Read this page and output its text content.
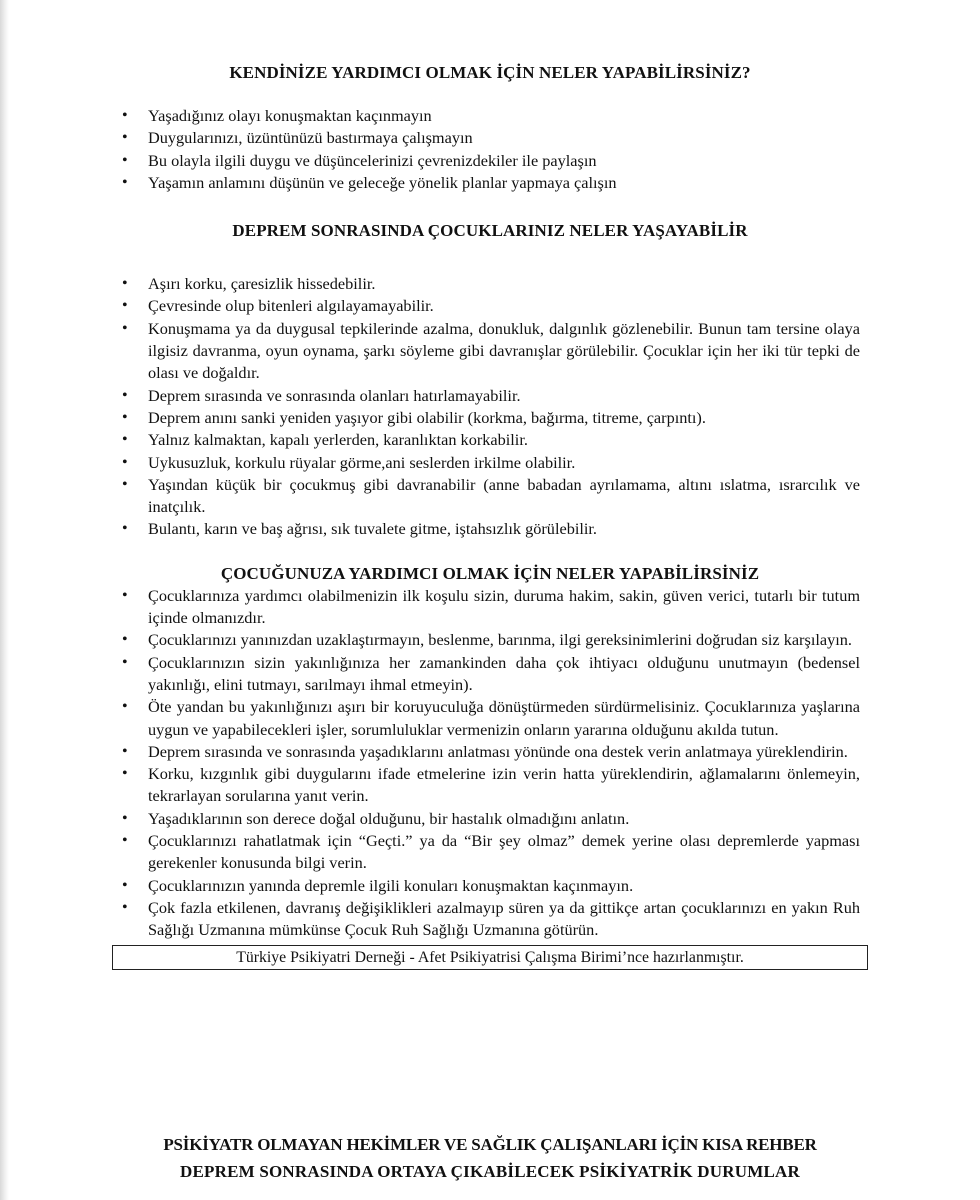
KENDİNİZE YARDIMCI OLMAK İÇİN NELER YAPABİLİRSİNİZ?
• Yaşadığınız olayı konuşmaktan kaçınmayın
• Duygularınızı, üzüntünüzü bastırmaya çalışmayın
• Bu olayla ilgili duygu ve düşüncelerinizi çevrenizdekiler ile paylaşın
• Yaşamın anlamını düşünün ve geleceğe yönelik planlar yapmaya çalışın
DEPREM SONRASINDA ÇOCUKLARINIZ NELER YAŞAYABİLİR
• Aşırı korku, çaresizlik hissedebilir.
• Çevresinde olup bitenleri algılayamayabilir.
• Konuşmama ya da duygusal tepkilerinde azalma, donukluk, dalgınlık gözlenebilir. Bunun tam tersine olaya ilgisiz davranma, oyun oynama, şarkı söyleme gibi davranışlar görülebilir. Çocuklar için her iki tür tepki de olası ve doğaldır.
• Deprem sırasında ve sonrasında olanları hatırlamayabilir.
• Deprem anını sanki yeniden yaşıyor gibi olabilir (korkma, bağırma, titreme, çarpıntı).
• Yalnız kalmaktan, kapalı yerlerden, karanlıktan korkabilir.
• Uykusuzluk, korkulu rüyalar görme,ani seslerden irkilme olabilir.
• Yaşından küçük bir çocukmuş gibi davranabilir (anne babadan ayrılamama, altını ıslatma, ısrarcılık ve inatçılık.
• Bulantı, karın ve baş ağrısı, sık tuvalete gitme, iştahsızlık görülebilir.
ÇOCUĞUNUZA YARDIMCI OLMAK İÇİN NELER YAPABİLİRSİNİZ
• Çocuklarınıza yardımcı olabilmenizin ilk koşulu sizin, duruma hakim, sakin, güven verici, tutarlı bir tutum içinde olmanızdır.
• Çocuklarınızı yanınızdan uzaklaştırmayın, beslenme, barınma, ilgi gereksinimlerini doğrudan siz karşılayın.
• Çocuklarınızın sizin yakınlığınıza her zamankinden daha çok ihtiyacı olduğunu unutmayın (bedensel yakınlığı, elini tutmayı, sarılmayı ihmal etmeyin).
• Öte yandan bu yakınlığınızı aşırı bir koruyuculuğa dönüştürmeden sürdürmelisiniz. Çocuklarınıza yaşlarına uygun ve yapabilecekleri işler, sorumluluklar vermenizin onların yararına olduğunu akılda tutun.
• Deprem sırasında ve sonrasında yaşadıklarını anlatması yönünde ona destek verin anlatmaya yüreklendirin.
• Korku, kızgınlık gibi duygularını ifade etmelerine izin verin hatta yüreklendirin, ağlamalarını önlemeyin, tekrarlayan sorularına yanıt verin.
• Yaşadıklarının son derece doğal olduğunu, bir hastalık olmadığını anlatın.
• Çocuklarınızı rahatlatmak için “Geçti.” ya da “Bir şey olmaz” demek yerine olası depremlerde yapması gerekenler konusunda bilgi verin.
• Çocuklarınızın yanında depremle ilgili konuları konuşmaktan kaçınmayın.
• Çok fazla etkilenen, davranış değişiklikleri azalmayıp süren ya da gittikçe artan çocuklarınızı en yakın Ruh Sağlığı Uzmanına mümkünse Çocuk Ruh Sağlığı Uzmanına götürün.
Türkiye Psikiyatri Derneği - Afet Psikiyatrisi Çalışma Birimi’nce hazırlanmıştır.
PSİKİYATR OLMAYAN HEKİMLER VE SAĞLIK ÇALIŞANLARI İÇİN KISA REHBER
DEPREM SONRASINDA ORTAYA ÇIKABİLECEK PSİKİYATRİK DURUMLAR
